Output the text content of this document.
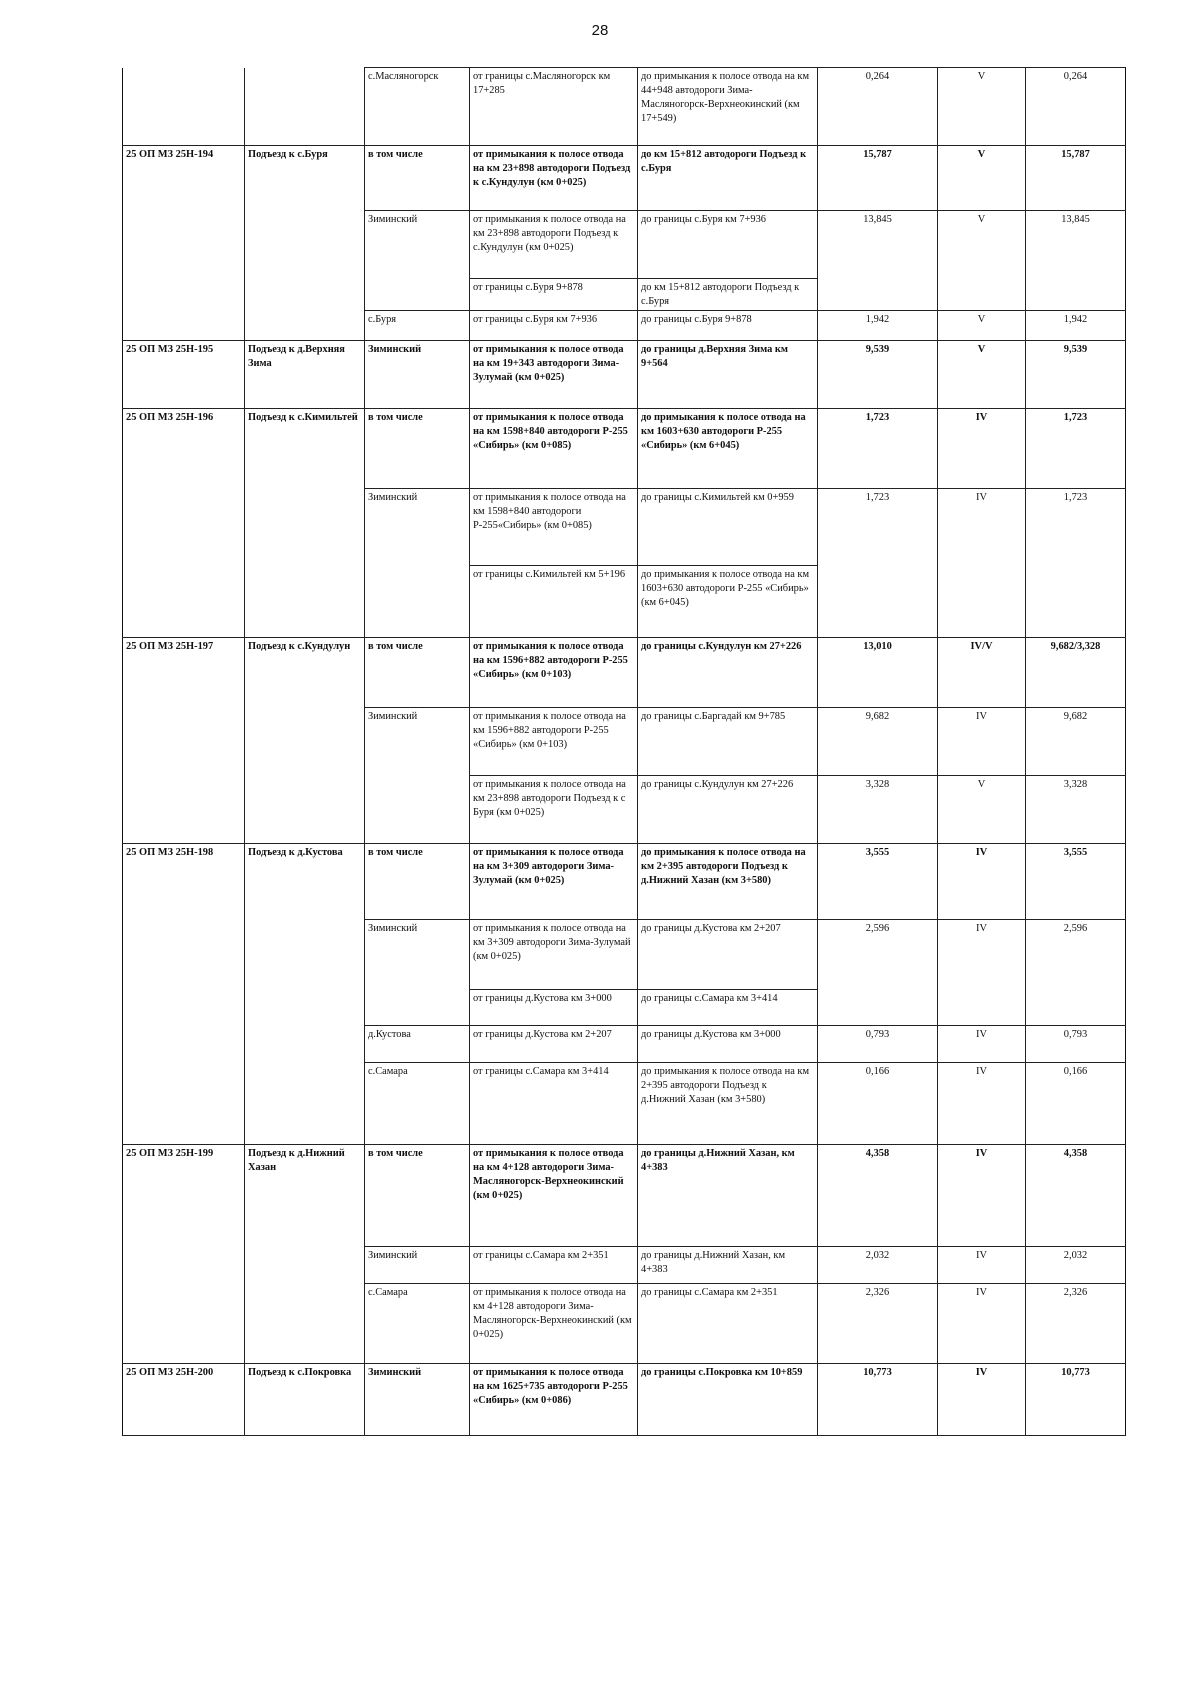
28
		с.Масляногорск	от границы с.Масляногорск км 17+285	до примыкания к полосе отвода на км 44+948 автодороги Зима-Масляногорск-Верхнеокинский (км 17+549)	0,264	V	0,264
25 ОП МЗ 25Н-194	Подъезд к с.Буря	в том числе	от примыкания к полосе отвода на км 23+898 автодороги Подъезд к с.Кундулун (км 0+025)	до км 15+812 автодороги Подъезд к с.Буря	15,787	V	15,787
		Зиминский	от примыкания к полосе отвода на км 23+898 автодороги Подъезд к с.Кундулун (км 0+025)	до границы с.Буря км 7+936	13,845	V	13,845
			от границы с.Буря 9+878	до км 15+812 автодороги Подъезд к с.Буря			
		с.Буря	от границы с.Буря км 7+936	до границы с.Буря 9+878	1,942	V	1,942
25 ОП МЗ 25Н-195	Подъезд к д.Верхняя Зима	Зиминский	от примыкания к полосе отвода на км 19+343 автодороги Зима-Зулумай (км 0+025)	до границы д.Верхняя Зима км 9+564	9,539	V	9,539
25 ОП МЗ 25Н-196	Подъезд к с.Кимильтей	в том числе	от примыкания к полосе отвода на км 1598+840 автодороги Р-255 «Сибирь» (км 0+085)	до примыкания к полосе отвода на км 1603+630 автодороги Р-255 «Сибирь» (км 6+045)	1,723	IV	1,723
		Зиминский	от примыкания к полосе отвода на км 1598+840 автодороги Р-255«Сибирь» (км 0+085)	до границы с.Кимильтей км 0+959	1,723	IV	1,723
			от границы с.Кимильтей км 5+196	до примыкания к полосе отвода на км 1603+630 автодороги Р-255 «Сибирь» (км 6+045)			
25 ОП МЗ 25Н-197	Подъезд к с.Кундулун	в том числе	от примыкания к полосе отвода на км 1596+882 автодороги Р-255 «Сибирь» (км 0+103)	до границы с.Кундулун км 27+226	13,010	IV/V	9,682/3,328
		Зиминский	от примыкания к полосе отвода на км 1596+882 автодороги Р-255 «Сибирь» (км 0+103)	до границы с.Баргадай км 9+785	9,682	IV	9,682
			от примыкания к полосе отвода на км 23+898 автодороги Подъезд к с Буря (км 0+025)	до границы с.Кундулун км 27+226	3,328	V	3,328
25 ОП МЗ 25Н-198	Подъезд к д.Кустова	в том числе	от примыкания к полосе отвода на км 3+309 автодороги Зима-Зулумай (км 0+025)	до примыкания к полосе отвода на км 2+395 автодороги Подъезд к д.Нижний Хазан (км 3+580)	3,555	IV	3,555
		Зиминский	от примыкания к полосе отвода на км 3+309 автодороги Зима-Зулумай (км 0+025)	до границы д.Кустова км 2+207	2,596	IV	2,596
			от границы д.Кустова км 3+000	до границы с.Самара км 3+414			
		д.Кустова	от границы д.Кустова км 2+207	до границы д.Кустова км 3+000	0,793	IV	0,793
		с.Самара	от границы с.Самара км 3+414	до примыкания к полосе отвода на км 2+395 автодороги Подъезд к д.Нижний Хазан (км 3+580)	0,166	IV	0,166
25 ОП МЗ 25Н-199	Подъезд к д.Нижний Хазан	в том числе	от примыкания к полосе отвода на км 4+128 автодороги Зима-Масляногорск-Верхнеокинский (км 0+025)	до границы д.Нижний Хазан, км 4+383	4,358	IV	4,358
		Зиминский	от границы с.Самара км 2+351	до границы д.Нижний Хазан, км 4+383	2,032	IV	2,032
		с.Самара	от примыкания к полосе отвода на км 4+128 автодороги Зима-Масляногорск-Верхнеокинский (км 0+025)	до границы с.Самара км 2+351	2,326	IV	2,326
25 ОП МЗ 25Н-200	Подъезд к с.Покровка	Зиминский	от примыкания к полосе отвода на км 1625+735 автодороги Р-255 «Сибирь» (км 0+086)	до границы с.Покровка км 10+859	10,773	IV	10,773
